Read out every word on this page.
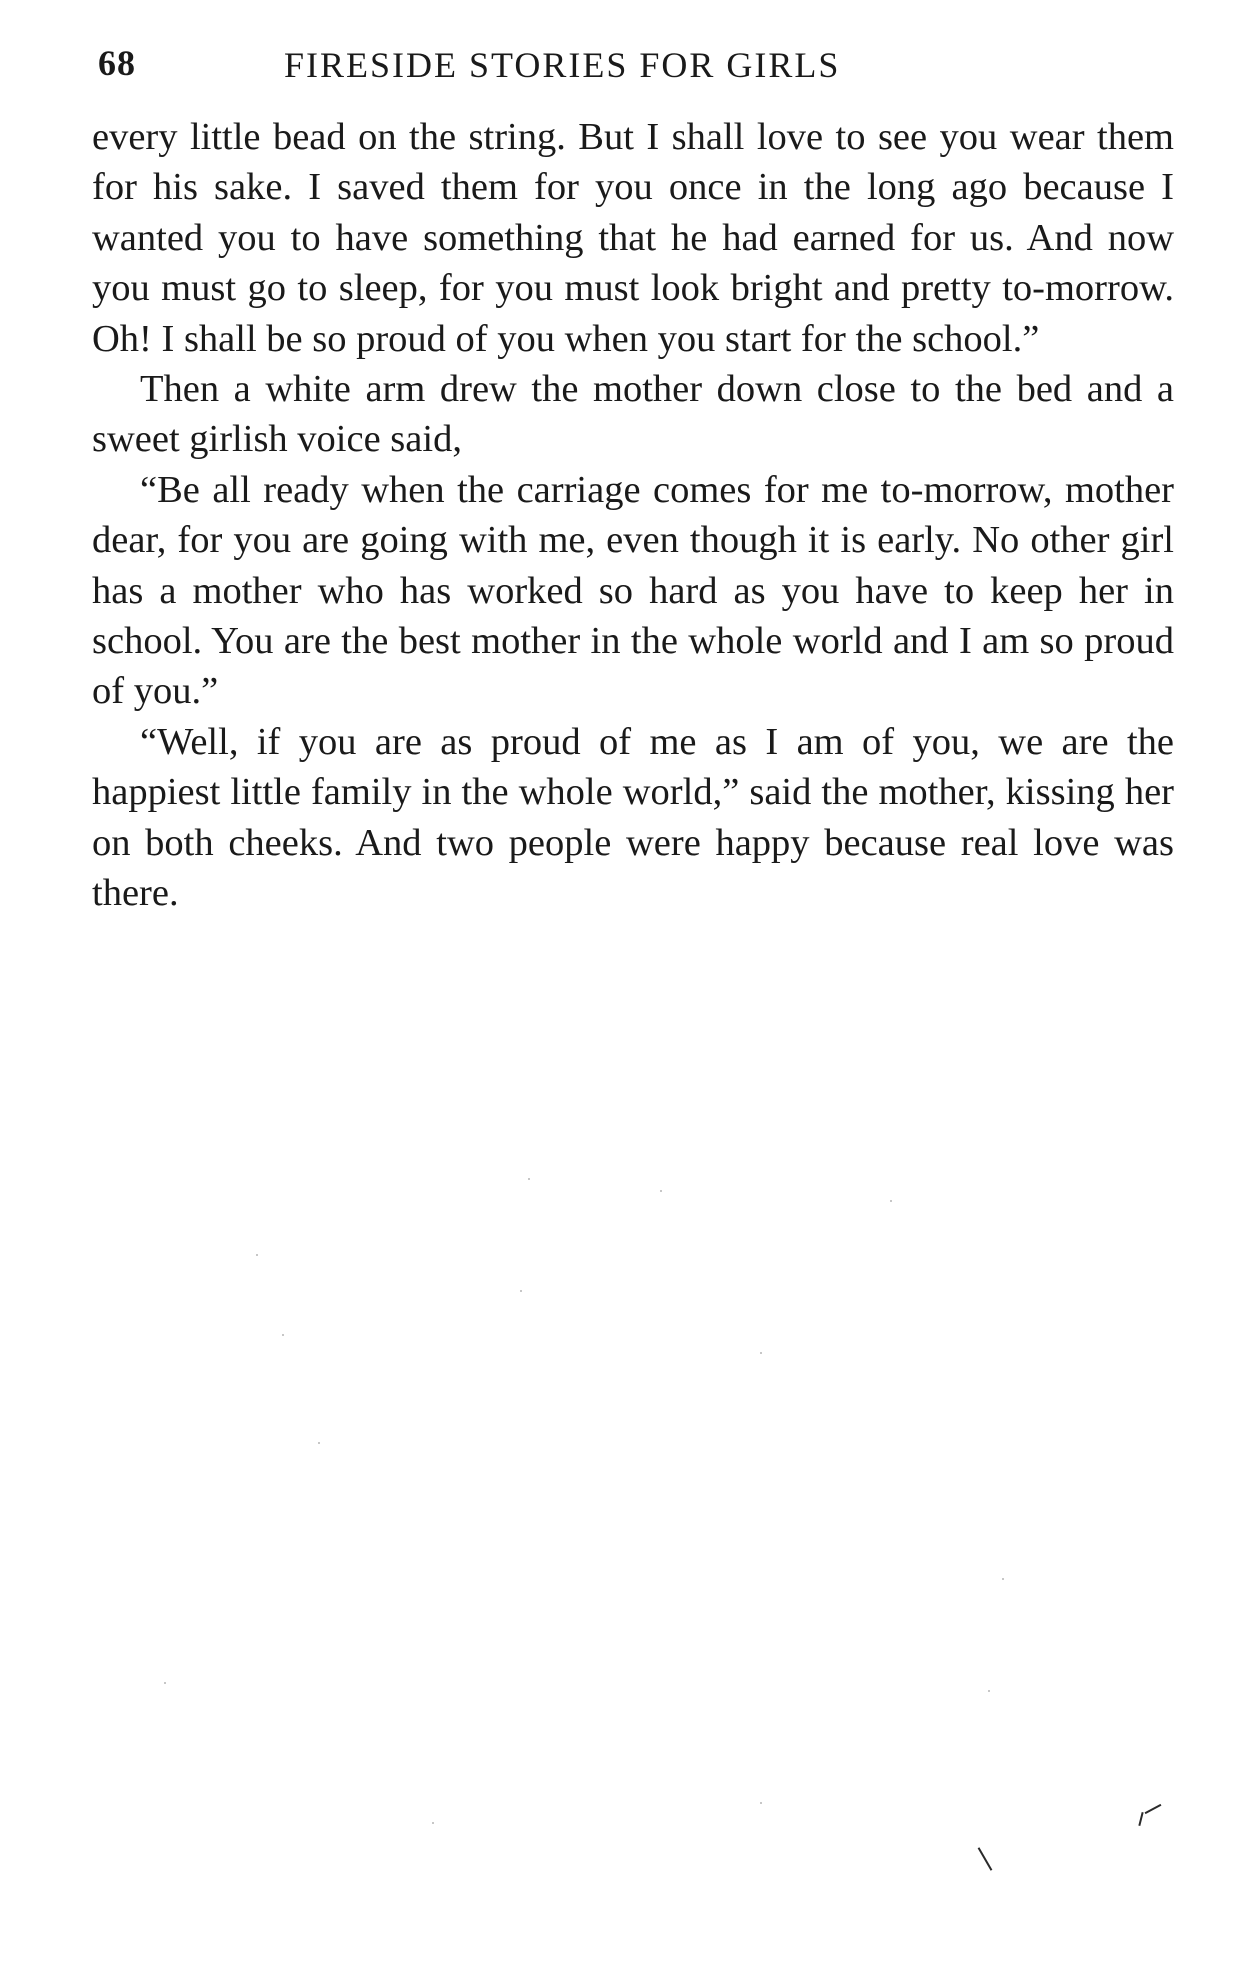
68	FIRESIDE STORIES FOR GIRLS

every little bead on the string. But I shall love to see you wear them for his sake. I saved them for you once in the long ago because I wanted you to have something that he had earned for us. And now you must go to sleep, for you must look bright and pretty to-morrow. Oh! I shall be so proud of you when you start for the school.”

Then a white arm drew the mother down close to the bed and a sweet girlish voice said,

“Be all ready when the carriage comes for me to-morrow, mother dear, for you are going with me, even though it is early. No other girl has a mother who has worked so hard as you have to keep her in school. You are the best mother in the whole world and I am so proud of you.”

“Well, if you are as proud of me as I am of you, we are the happiest little family in the whole world,” said the mother, kissing her on both cheeks. And two people were happy because real love was there.
